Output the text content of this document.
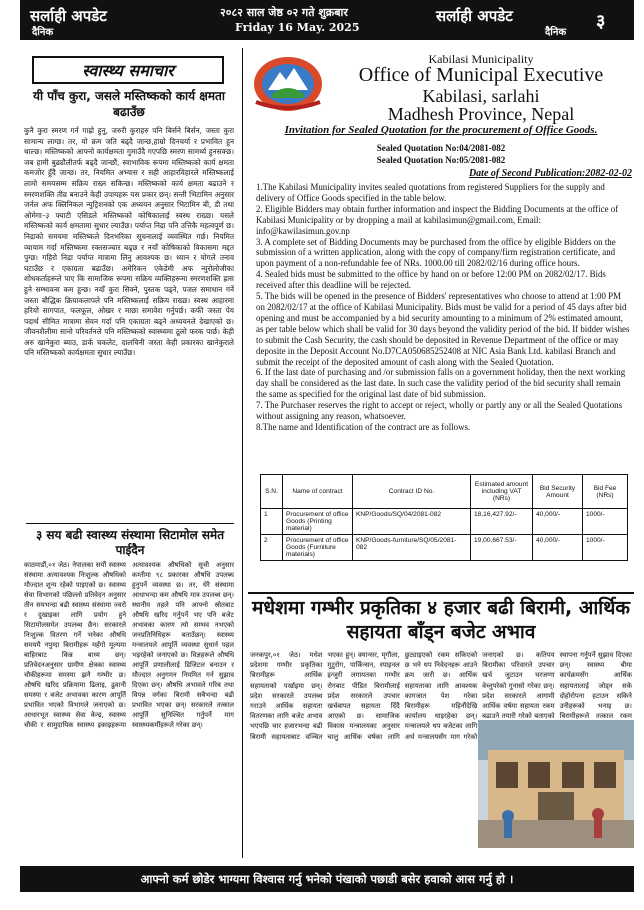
सर्लाही अपडेट
दैनिक
२०८२ साल जेष्ठ ०२ गते शुक्रबार
Friday 16 May. 2025
सर्लाही अपडेट
दैनिक
३
स्वास्थ्य समाचार
यी पाँच कुरा, जसले मस्तिष्कको कार्य क्षमता बढाउँछ
कुनै कुरा स्मरण गर्न गाह्रो हुनु, जरुरी कुराहरु पनि बिर्सने बिर्सन, जस्ता कुरा सामान्य लाग्छ। तर, यो क्रम जति बढ्दै जान्छ,हाम्रो दिनचर्या र प्रभावित हुन थाल्छ। मस्तिष्कको आफ्नो कार्यक्षमता गुमाउँदै गएपछि स्मरण सामर्थ्य हुनसक्छ। जब हामी बुढ्यौलीतर्फ बढ्दै जान्छौं, स्वाभाविक रूपमा मस्तिष्कको कार्य क्षमता कमजोर हुँदै जान्छ। तर, नियमित अभ्यास र सही आहारविहारले मस्तिष्कलाई लामो समयसम्म सक्रिय राख्न सकिन्छ। मस्तिष्कको कार्य क्षमता बढाउने र स्मरणशक्ति तीव्र बनाउने केही उपायहरू यस प्रकार छन्। सन्ती भिटामिन अनुसार जर्नल अफ क्लिनिकल न्युट्रिशनको एक अध्ययन अनुसार भिटामिन बी, डी तथा ओमेगा–३ फ्याटी एसिडले मस्तिष्कको कोषिकालाई स्वस्थ राख्छ। यसले मस्तिष्कको कार्य क्षमतामा सुधार ल्याउँछ। पर्याप्त निद्रा पनि उत्तिकै महत्वपूर्ण छ। निद्राको समयमा मस्तिष्कले दिनभरिका सूचनालाई व्यवस्थित गर्छ। नियमित व्यायाम गर्दा मस्तिष्कमा रक्तसञ्चार बढ्छ र नयाँ कोषिकाको विकासमा मद्दत पुग्छ। गहिरो निद्रा पर्याप्त मात्रामा लिनु आवश्यक छ। ध्यान र योगले तनाव घटाउँछ र एकाग्रता बढाउँछ। अमेरिकन एकेडेमी अफ न्युरोलोजीका शोधकर्ताहरूले पाए कि सामाजिक रूपमा सक्रिय व्यक्तिहरूमा स्मरणशक्ति ह्रास हुने सम्भावना कम हुन्छ। नयाँ कुरा सिक्ने, पुस्तक पढ्ने, पजल समाधान गर्ने जस्ता बौद्धिक क्रियाकलापले पनि मस्तिष्कलाई सक्रिय राख्छ। स्वस्थ आहारमा हरियो सागपात, फलफूल, ओखर र माछा समावेश गर्नुपर्छ। कफी जस्ता पेय पदार्थ सीमित मात्रामा सेवन गर्दा पनि एकाग्रता बढ्ने अध्ययनले देखाएको छ। जीवनशैलीमा सानो परिवर्तनले पनि मस्तिष्कको स्वास्थ्यमा ठूलो फरक पार्छ। केही अरु खानेकुरा ब्याउ, डार्क चकलेट, दालचिनी जस्ता केही प्रकारका खानेकुराले पनि मस्तिष्कको कार्यक्षमता सुधार ल्याउँछ।
३ सय बढी स्वास्थ्य संस्थामा सिटामोल समेत पाईदैन
काठमाडौं,०१ जेठ। नेपालका सयौं स्वास्थ्य संस्थामा अत्यावश्यक निःशुल्क औषधिको मौज्दात शून्य रहेको पाइएको छ। स्वास्थ्य सेवा विभागको पछिल्लो प्रतिवेदन अनुसार तीन सयभन्दा बढी स्वास्थ्य संस्थामा ज्वरो र दुखाइका लागि प्रयोग हुने सिटामोलसमेत उपलब्ध छैन। सरकारले निःशुल्क वितरण गर्ने भनेका औषधि समयमै नपुग्दा बिरामीहरू महँगो मूल्यमा बाहिरबाट किन्न बाध्य छन्। प्रतिवेदनअनुसार ग्रामीण क्षेत्रका स्वास्थ्य चौकीहरूमा समस्या झनै गम्भीर छ। औषधि खरिद प्रक्रियामा ढिलाइ, ढुवानी समस्या र बजेट अभावका कारण आपूर्ति प्रभावित भएको विभागले जनाएको छ। आधारभूत स्वास्थ्य सेवा केन्द्र, स्वास्थ्य चौकी र सामुदायिक स्वास्थ्य इकाइहरूमा अत्यावश्यक औषधिको सूची अनुसार कम्तीमा ९८ प्रकारका औषधि उपलब्ध हुनुपर्ने व्यवस्था छ। तर, धेरै संस्थामा आधाभन्दा कम औषधि मात्र उपलब्ध छन्। स्थानीय तहले पनि आफ्नो स्रोतबाट औषधि खरिद गर्नुपर्ने भए पनि बजेट अभावका कारण त्यो सम्भव नभएको जनप्रतिनिधिहरू बताउँछन्। स्वास्थ्य मन्त्रालयले आपूर्ति व्यवस्था सुधार्न पहल भइरहेको जनाएको छ। विज्ञहरूले औषधि आपूर्ति प्रणालीलाई डिजिटल बनाउन र मौज्दात अनुगमन नियमित गर्न सुझाव दिएका छन्। औषधि अभावले गरिब तथा विपन्न वर्गका बिरामी सबैभन्दा बढी प्रभावित भएका छन्। सरकारले तत्काल आपूर्ति सुनिश्चित गर्नुपर्ने माग स्वास्थ्यकर्मीहरूले गरेका छन्।
Kabilasi Municipality
Office of Municipal Executive
Kabilasi, sarlahi
Madhesh Province, Nepal
Invitation for Sealed Quotation for the procurement of Office Goods.
Sealed Quotation No:04/2081-082
Sealed Quotation No:05/2081-082
Date of Second Publication:2082-02-02

1.The Kabilasi Municipality invites sealed quotations from registered Suppliers for the supply and delivery of Office Goods specified in the table below.

2. Eligible Bidders may obtain further information and inspect the Bidding Documents at the office of Kabilasi Municipality or by dropping a mail at kabilasimun@gmail.com, Email: info@kawilasimun.gov.np

3. A complete set of Bidding Documents may be purchased from the office by eligible Bidders on the submission of a written application, along with the copy of company/firm registration certificate, and upon payment of a non-refundable fee of NRs. 1000.00 till 2082/02/16 during office hours.

4. Sealed bids must be submitted to the office by hand on or before 12:00 PM on 2082/02/17. Bids received after this deadline will be rejected.

5. The bids will be opened in the presence of Bidders' representatives who choose to attend at 1:00 PM on 2082/02/17 at the office of Kabilasi Municipality. Bids must be valid for a period of 45 days after bid opening and must be accompanied by a bid security amounting to a minimum of 2% estimated amount, as per table below which shall be valid for 30 days beyond the validity period of the bid. If bidder wishes to submit the Cash Security, the cash should be deposited in Revenue Department of the office or may deposite in the Deposit Account No.D7CA050685252408 at NIC Asia Bank Ltd. kabilasi Branch and submit the receipt of the deposited amount of cash along with the Sealed Quotation.

6. If the last date of purchasing and /or submission falls on a government holiday, then the next working day shall be considered as the last date. In such case the validity period of the bid security shall remain the same as specified for the original last date of bid submission.

7. The Purchaser reserves the right to accept or reject, wholly or partly any or all the Sealed Quotations without assigning any reason, whatsoever.

8.The name and Identification of the contract are as follows.

S.N.	Name of contract	Contract ID No.	Estimated amount including VAT (NRs)	Bid Security Amount	Bid Fee (NRs)
1	Procurement of office Goods (Printing material)	KNP/Goods/SQ/04/2081-082	18,16,427.92/-	40,000/-	1000/-
2	Procurement of office Goods (Furniture materials)	KNP/Goods-furniture/SQ/05/2081-082	19,00,667.53/-	40,000/-	1000/-
मधेशमा गम्भीर प्रकृतिका ४ हजार बढी बिरामी, आर्थिक सहायता बाँड्न बजेट अभाव
जनकपुर,०१ जेठ। मधेश प्रदेशमा गम्भीर प्रकृतिका बिरामीहरू आर्थिक सहायताको पर्खाइमा छन्। प्रदेश सरकारले उपलब्ध गराउने आर्थिक सहायता वितरणका लागि बजेट अभाव भएपछि चार हजारभन्दा बढी बिरामी सहायताबाट वञ्चित भएका हुन्। क्यान्सर, मृगौला, मुटुरोग, पार्किन्सन, स्पाइनल इन्जुरी लगायतका गम्भीर रोगबाट पीडित बिरामीलाई प्रदेश सरकारले उपचार खर्चबापत सहायता दिँदै आएको छ। सामाजिक विकास मन्त्रालयका अनुसार चालु आर्थिक वर्षका लागि छुट्याइएको रकम सकिएको छ भने थप निवेदनहरू आउने क्रम जारी छ। आर्थिक सहायताका लागि आवश्यक कागजात पेश गरेका बिरामीहरू महिनौंदेखि कार्यालय धाइरहेका छन्। मन्त्रालयले थप बजेटका लागि अर्थ मन्त्रालयसँग माग गरेको जनाएको छ। कतिपय बिरामीका परिवारले उपचार खर्च जुटाउन घरजग्गा बेच्नुपरेको गुनासो गरेका छन्। प्रदेश सरकारले आगामी आर्थिक वर्षमा सहायता रकम बढाउने तयारी गरेको बताएको स्थापना गर्नुपर्ने सुझाव दिएका छन्। स्वास्थ्य बीमा कार्यक्रमसँग आर्थिक सहायतालाई जोड्न सके दोहोरोपना हटाउन सकिने उनीहरूको भनाइ छ। बिरामीहरूले तत्काल रकम
आफ्नो कर्म छोडेर भाग्यमा विश्वास गर्नु भनेको पंखाको पछाडी बसेर हवाको आस गर्नु हो ।
